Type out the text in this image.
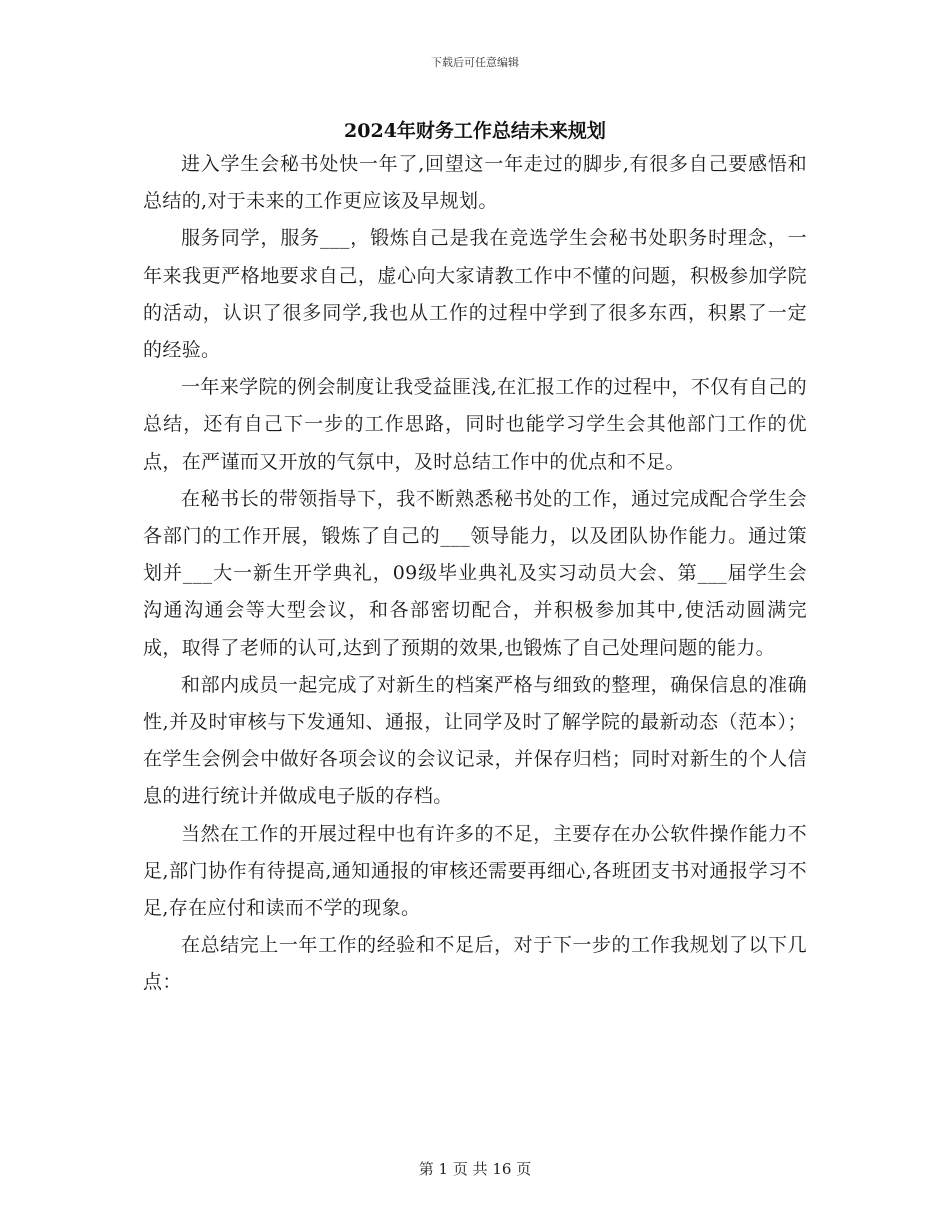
下载后可任意编辑
2024年财务工作总结未来规划

进入学生会秘书处快一年了,回望这一年走过的脚步,有很多自己要感悟和总结的,对于未来的工作更应该及早规划。

服务同学，服务___，锻炼自己是我在竞选学生会秘书处职务时理念，一年来我更严格地要求自己，虚心向大家请教工作中不懂的问题，积极参加学院的活动，认识了很多同学,我也从工作的过程中学到了很多东西，积累了一定的经验。

一年来学院的例会制度让我受益匪浅,在汇报工作的过程中，不仅有自己的总结，还有自己下一步的工作思路，同时也能学习学生会其他部门工作的优点，在严谨而又开放的气氛中，及时总结工作中的优点和不足。

在秘书长的带领指导下，我不断熟悉秘书处的工作，通过完成配合学生会各部门的工作开展，锻炼了自己的___领导能力，以及团队协作能力。通过策划并___大一新生开学典礼，09级毕业典礼及实习动员大会、第___届学生会沟通沟通会等大型会议，和各部密切配合，并积极参加其中,使活动圆满完成，取得了老师的认可,达到了预期的效果,也锻炼了自己处理问题的能力。

和部内成员一起完成了对新生的档案严格与细致的整理，确保信息的准确性,并及时审核与下发通知、通报，让同学及时了解学院的最新动态（范本）；在学生会例会中做好各项会议的会议记录，并保存归档；同时对新生的个人信息的进行统计并做成电子版的存档。

当然在工作的开展过程中也有许多的不足，主要存在办公软件操作能力不足,部门协作有待提高,通知通报的审核还需要再细心,各班团支书对通报学习不足,存在应付和读而不学的现象。

在总结完上一年工作的经验和不足后，对于下一步的工作我规划了以下几点：

第 1 页 共 16 页
